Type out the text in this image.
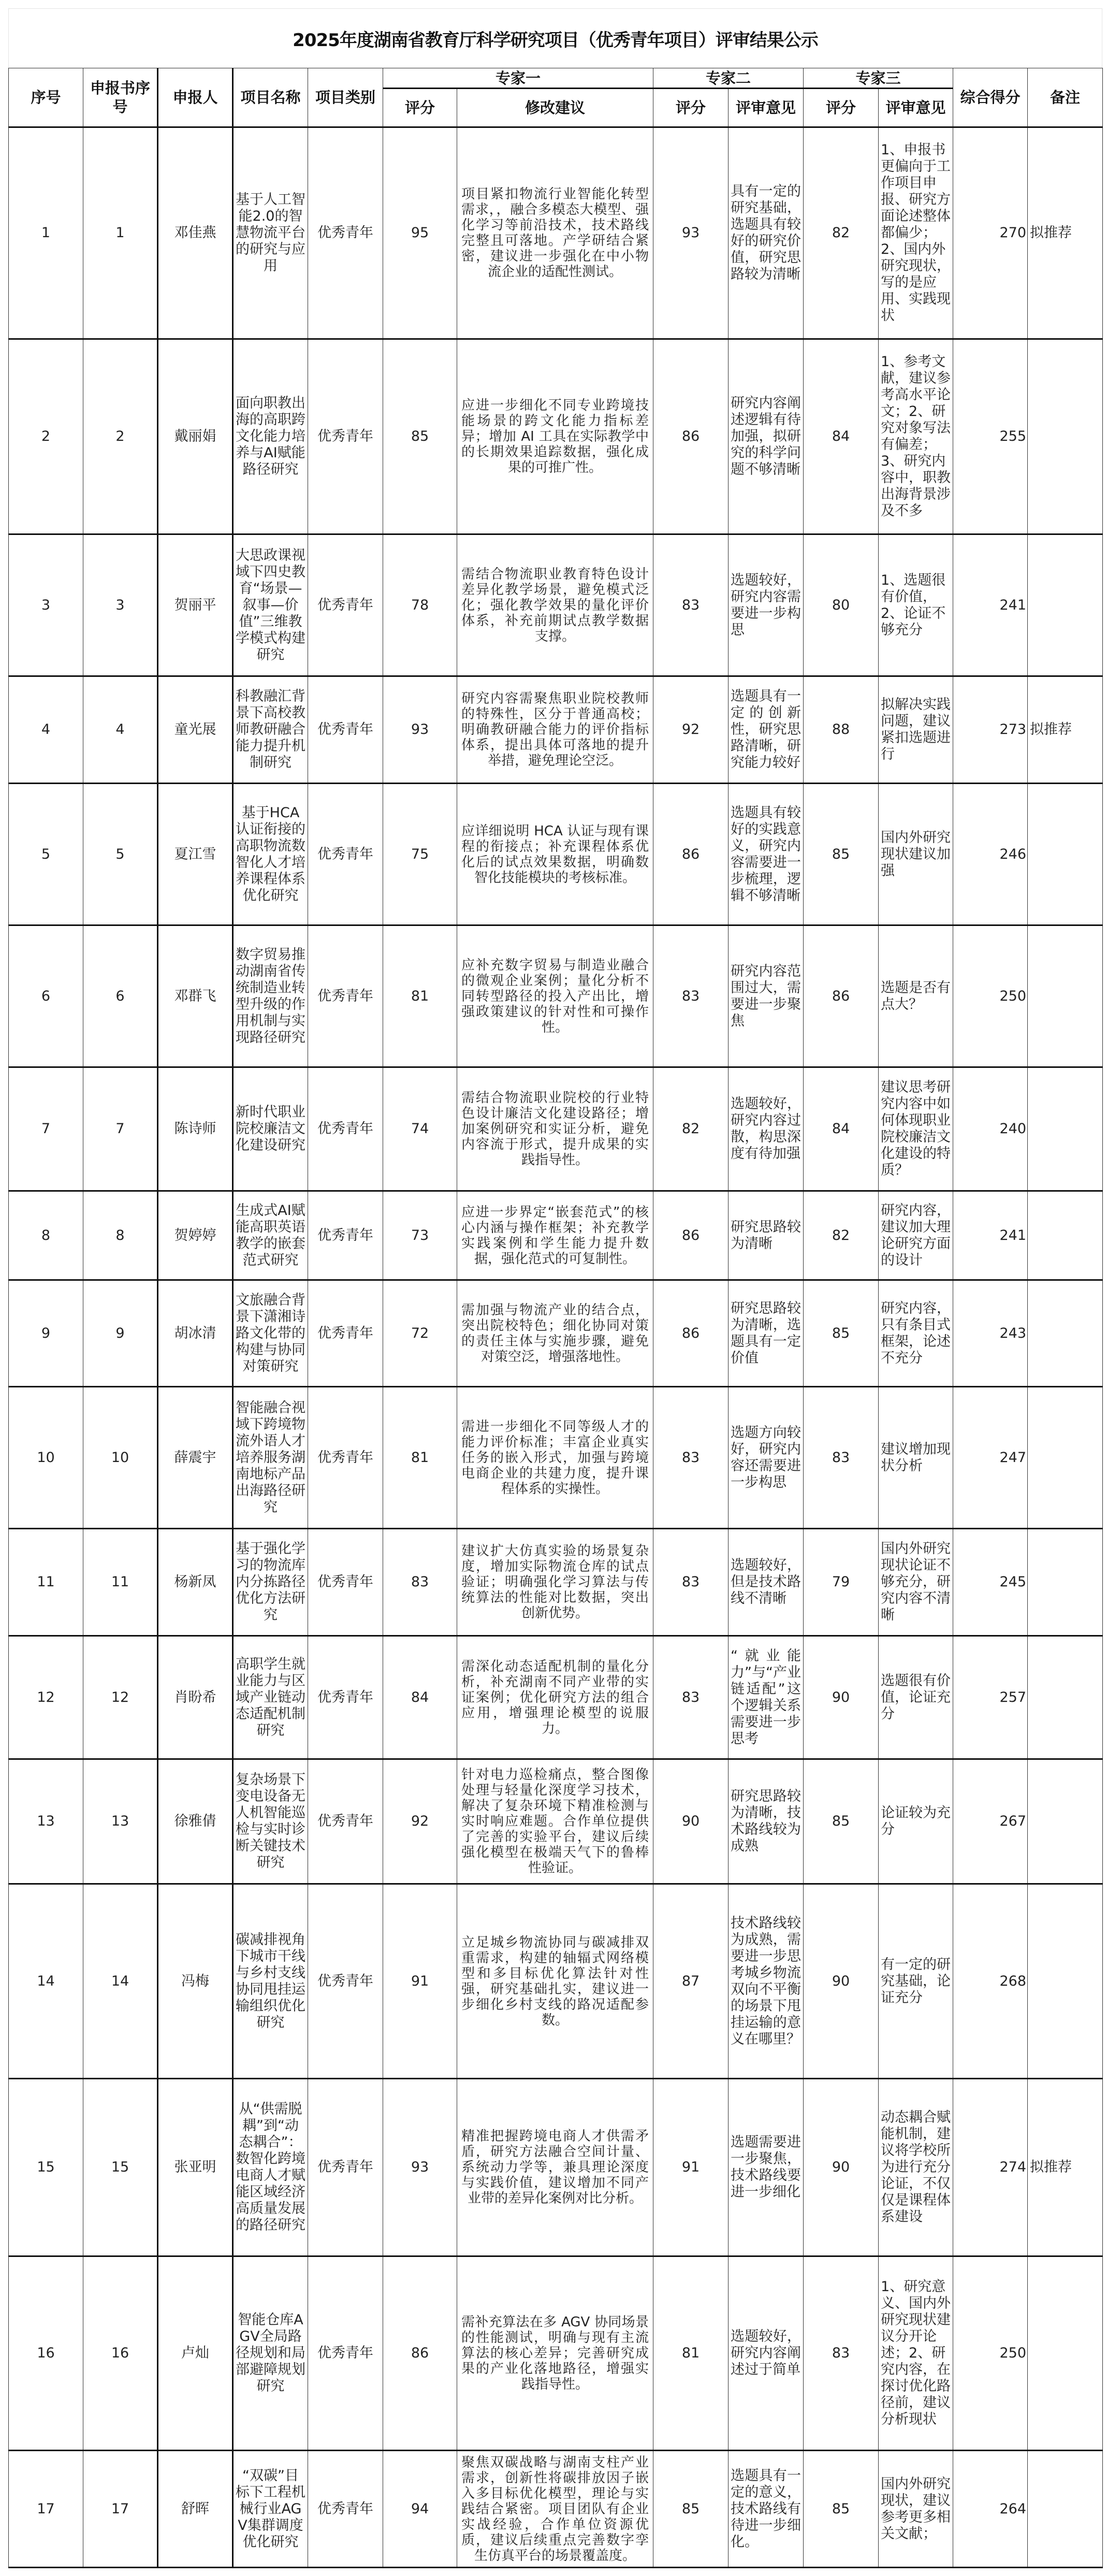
2025年度湖南省教育厅科学研究项目（优秀青年项目）评审结果公示
序号	申报书序号	申报人	项目名称	项目类别	专家一		专家二		专家三		综合得分	备注
					评分	修改建议	评分	评审意见	评分	评审意见		
1	1	邓佳燕	基于人工智能2.0的智慧物流平台的研究与应用	优秀青年	95	项目紧扣物流行业智能化转型需求，，融合多模态大模型、强化学习等前沿技术，技术路线完整且可落地。产学研结合紧密，建议进一步强化在中小物流企业的适配性测试。	93	具有一定的研究基础，选题具有较好的研究价值，研究思路较为清晰	82	1、申报书更偏向于工作项目申报、研究方面论述整体都偏少；2、国内外研究现状，写的是应用、实践现状	270	拟推荐
2	2	戴丽娟	面向职教出海的高职跨文化能力培养与AI赋能路径研究	优秀青年	85	应进一步细化不同专业跨境技能场景的跨文化能力指标差异；增加 AI 工具在实际教学中的长期效果追踪数据，强化成果的可推广性。	86	研究内容阐述逻辑有待加强，拟研究的科学问题不够清晰	84	1、参考文献，建议参考高水平论文；2、研究对象写法有偏差；3、研究内容中，职教出海背景涉及不多	255	
3	3	贺丽平	大思政课视域下四史教育“场景—叙事—价值”三维教学模式构建研究	优秀青年	78	需结合物流职业教育特色设计差异化教学场景，避免模式泛化；强化教学效果的量化评价体系，补充前期试点教学数据支撑。	83	选题较好，研究内容需要进一步构思	80	1、选题很有价值，2、论证不够充分	241	
4	4	童光展	科教融汇背景下高校教师教研融合能力提升机制研究	优秀青年	93	研究内容需聚焦职业院校教师的特殊性，区分于普通高校；明确教研融合能力的评价指标体系，提出具体可落地的提升举措，避免理论空泛。	92	选题具有一定的创新性，研究思路清晰，研究能力较好	88	拟解决实践问题，建议紧扣选题进行	273	拟推荐
5	5	夏江雪	基于HCA认证衔接的高职物流数智化人才培养课程体系优化研究	优秀青年	75	应详细说明 HCA 认证与现有课程的衔接点；补充课程体系优化后的试点效果数据，明确数智化技能模块的考核标准。	86	选题具有较好的实践意义，研究内容需要进一步梳理，逻辑不够清晰	85	国内外研究现状建议加强	246	
6	6	邓群飞	数字贸易推动湖南省传统制造业转型升级的作用机制与实现路径研究	优秀青年	81	应补充数字贸易与制造业融合的微观企业案例；量化分析不同转型路径的投入产出比，增强政策建议的针对性和可操作性。	83	研究内容范围过大，需要进一步聚焦	86	选题是否有点大？	250	
7	7	陈诗师	新时代职业院校廉洁文化建设研究	优秀青年	74	需结合物流职业院校的行业特色设计廉洁文化建设路径；增加案例研究和实证分析，避免内容流于形式，提升成果的实践指导性。	82	选题较好，研究内容过散，构思深度有待加强	84	建议思考研究内容中如何体现职业院校廉洁文化建设的特质？	240	
8	8	贺婷婷	生成式AI赋能高职英语教学的嵌套范式研究	优秀青年	73	应进一步界定“嵌套范式”的核心内涵与操作框架；补充教学实践案例和学生能力提升数据，强化范式的可复制性。	86	研究思路较为清晰	82	研究内容，建议加大理论研究方面的设计	241	
9	9	胡冰清	文旅融合背景下潇湘诗路文化带的构建与协同对策研究	优秀青年	72	需加强与物流产业的结合点，突出院校特色；细化协同对策的责任主体与实施步骤，避免对策空泛，增强落地性。	86	研究思路较为清晰，选题具有一定价值	85	研究内容，只有条目式框架，论述不充分	243	
10	10	薛震宇	智能融合视域下跨境物流外语人才培养服务湖南地标产品出海路径研究	优秀青年	81	需进一步细化不同等级人才的能力评价标准；丰富企业真实任务的嵌入形式，加强与跨境电商企业的共建力度，提升课程体系的实操性。	83	选题方向较好，研究内容还需要进一步构思	83	建议增加现状分析	247	
11	11	杨新凤	基于强化学习的物流库内分拣路径优化方法研究	优秀青年	83	建议扩大仿真实验的场景复杂度，增加实际物流仓库的试点验证；明确强化学习算法与传统算法的性能对比数据，突出创新优势。	83	选题较好，但是技术路线不清晰	79	国内外研究现状论证不够充分，研究内容不清晰	245	
12	12	肖盼希	高职学生就业能力与区域产业链动态适配机制研究	优秀青年	84	需深化动态适配机制的量化分析，补充湖南不同产业带的实证案例；优化研究方法的组合应用，增强理论模型的说服力。	83	“就业能力”与“产业链适配”这个逻辑关系需要进一步思考	90	选题很有价值，论证充分	257	
13	13	徐雅倩	复杂场景下变电设备无人机智能巡检与实时诊断关键技术研究	优秀青年	92	针对电力巡检痛点，整合图像处理与轻量化深度学习技术，解决了复杂环境下精准检测与实时响应难题。合作单位提供了完善的实验平台，建议后续强化模型在极端天气下的鲁棒性验证。	90	研究思路较为清晰，技术路线较为成熟	85	论证较为充分	267	
14	14	冯梅	碳减排视角下城市干线与乡村支线协同甩挂运输组织优化研究	优秀青年	91	立足城乡物流协同与碳减排双重需求，构建的轴辐式网络模型和多目标优化算法针对性强，研究基础扎实，建议进一步细化乡村支线的路况适配参数。	87	技术路线较为成熟，需要进一步思考城乡物流双向不平衡的场景下甩挂运输的意义在哪里？	90	有一定的研究基础，论证充分	268	
15	15	张亚明	从“供需脱耦”到“动态耦合”：数智化跨境电商人才赋能区域经济高质量发展的路径研究	优秀青年	93	精准把握跨境电商人才供需矛盾，研究方法融合空间计量、系统动力学等，兼具理论深度与实践价值，建议增加不同产业带的差异化案例对比分析。	91	选题需要进一步聚焦，技术路线要进一步细化	90	动态耦合赋能机制，建议将学校所为进行充分论证，不仅仅是课程体系建设	274	拟推荐
16	16	卢灿	智能仓库AGV全局路径规划和局部避障规划研究	优秀青年	86	需补充算法在多 AGV 协同场景的性能测试，明确与现有主流算法的核心差异；完善研究成果的产业化落地路径，增强实践指导性。	81	选题较好，研究内容阐述过于简单	83	1、研究意义、国内外研究现状建议分开论述；2、研究内容，在探讨优化路径前，建议分析现状	250	
17	17	舒晖	“双碳”目标下工程机械行业AGV集群调度优化研究	优秀青年	94	聚焦双碳战略与湖南支柱产业需求，创新性将碳排放因子嵌入多目标优化模型，理论与实践结合紧密。项目团队有企业实战经验，合作单位资源优质，建议后续重点完善数字孪生仿真平台的场景覆盖度。	85	选题具有一定的意义，技术路线有待进一步细化。	85	国内外研究现状，建议参考更多相关文献；	264	
